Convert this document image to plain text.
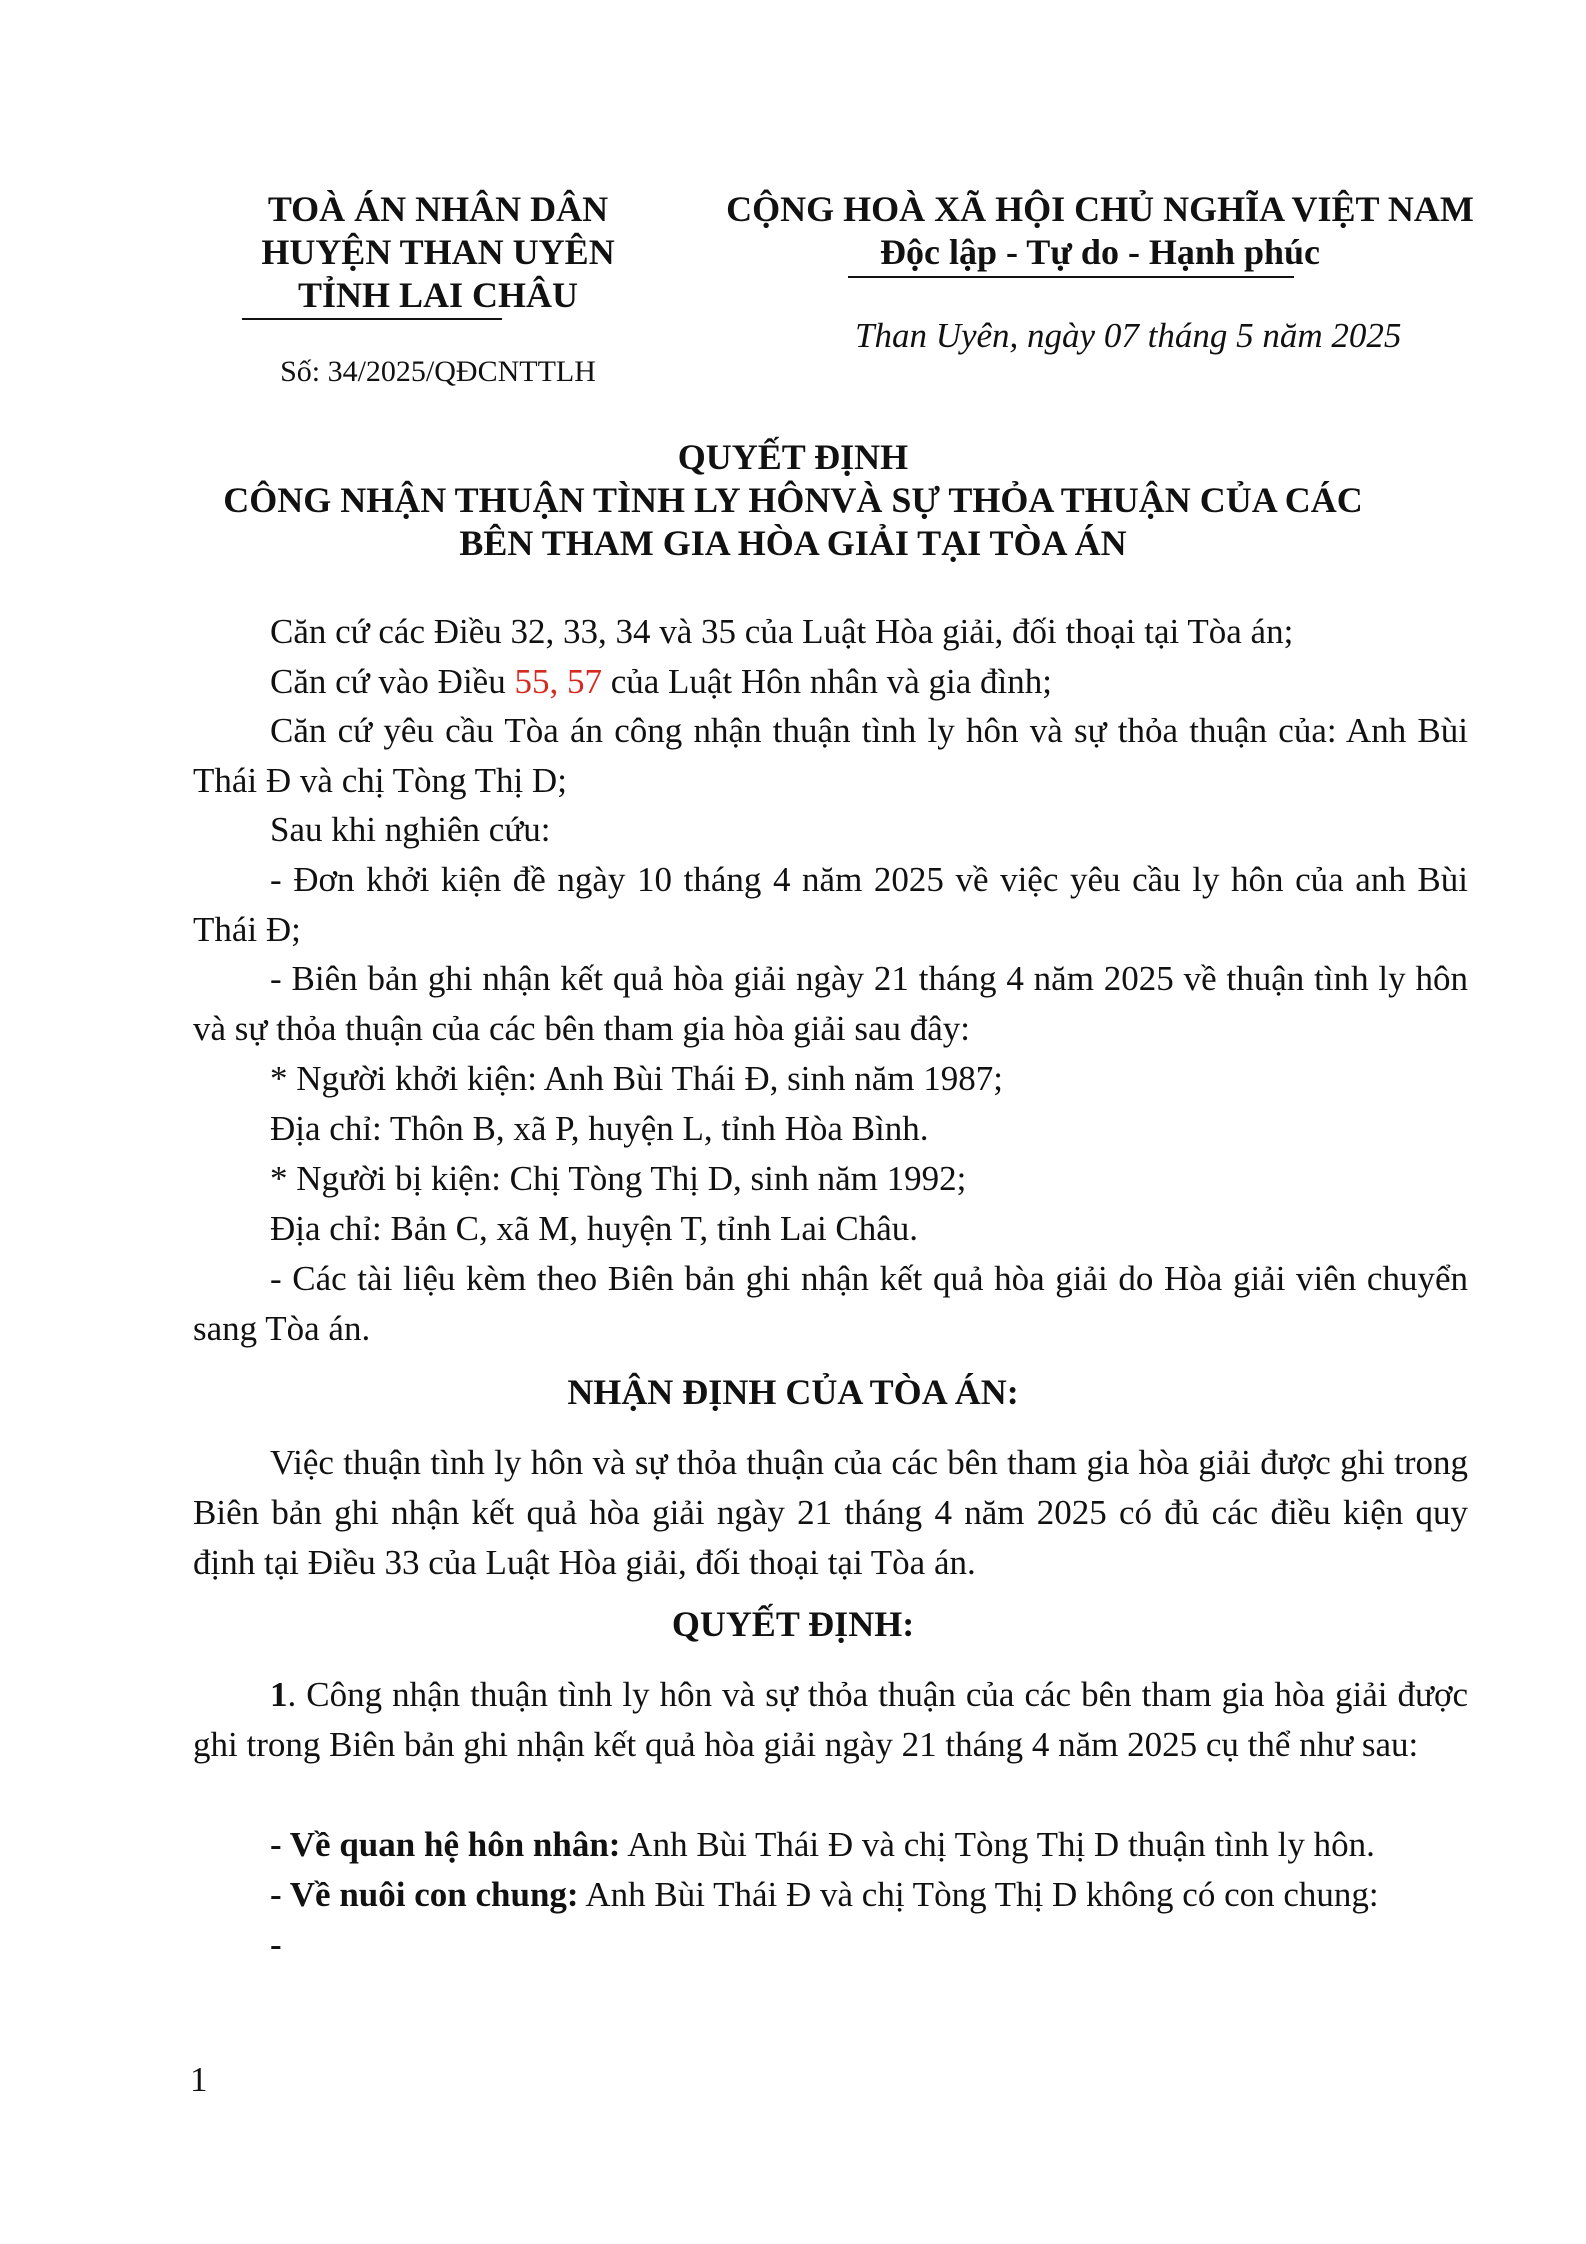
TOÀ ÁN NHÂN DÂN
HUYỆN THAN UYÊN
TỈNH LAI CHÂU
Số: 34/2025/QĐCNTTLH
CỘNG HOÀ XÃ HỘI CHỦ NGHĨA VIỆT NAM
Độc lập - Tự do - Hạnh phúc
Than Uyên, ngày 07 tháng 5 năm 2025
QUYẾT ĐỊNH
CÔNG NHẬN THUẬN TÌNH LY HÔNVÀ SỰ THỎA THUẬN CỦA CÁC
BÊN THAM GIA HÒA GIẢI TẠI TÒA ÁN
Căn cứ các Điều 32, 33, 34 và 35 của Luật Hòa giải, đối thoại tại Tòa án;
Căn cứ vào Điều 55, 57 của Luật Hôn nhân và gia đình;
Căn cứ yêu cầu Tòa án công nhận thuận tình ly hôn và sự thỏa thuận của: Anh Bùi Thái Đ và chị Tòng Thị D;
Sau khi nghiên cứu:
- Đơn khởi kiện đề ngày 10 tháng 4 năm 2025 về việc yêu cầu ly hôn của anh Bùi Thái Đ;
- Biên bản ghi nhận kết quả hòa giải ngày 21 tháng 4 năm 2025 về thuận tình ly hôn và sự thỏa thuận của các bên tham gia hòa giải sau đây:
* Người khởi kiện: Anh Bùi Thái Đ, sinh năm 1987;
Địa chỉ: Thôn B, xã P, huyện L, tỉnh Hòa Bình.
* Người bị kiện: Chị Tòng Thị D, sinh năm 1992;
Địa chỉ: Bản C, xã M, huyện T, tỉnh Lai Châu.
- Các tài liệu kèm theo Biên bản ghi nhận kết quả hòa giải do Hòa giải viên chuyển sang Tòa án.
NHẬN ĐỊNH CỦA TÒA ÁN:
Việc thuận tình ly hôn và sự thỏa thuận của các bên tham gia hòa giải được ghi trong Biên bản ghi nhận kết quả hòa giải ngày 21 tháng 4 năm 2025 có đủ các điều kiện quy định tại Điều 33 của Luật Hòa giải, đối thoại tại Tòa án.
QUYẾT ĐỊNH:
1. Công nhận thuận tình ly hôn và sự thỏa thuận của các bên tham gia hòa giải được ghi trong Biên bản ghi nhận kết quả hòa giải ngày 21 tháng 4 năm 2025 cụ thể như sau:
- Về quan hệ hôn nhân: Anh Bùi Thái Đ và chị Tòng Thị D thuận tình ly hôn.
- Về nuôi con chung: Anh Bùi Thái Đ và chị Tòng Thị D không có con chung:
-
1
